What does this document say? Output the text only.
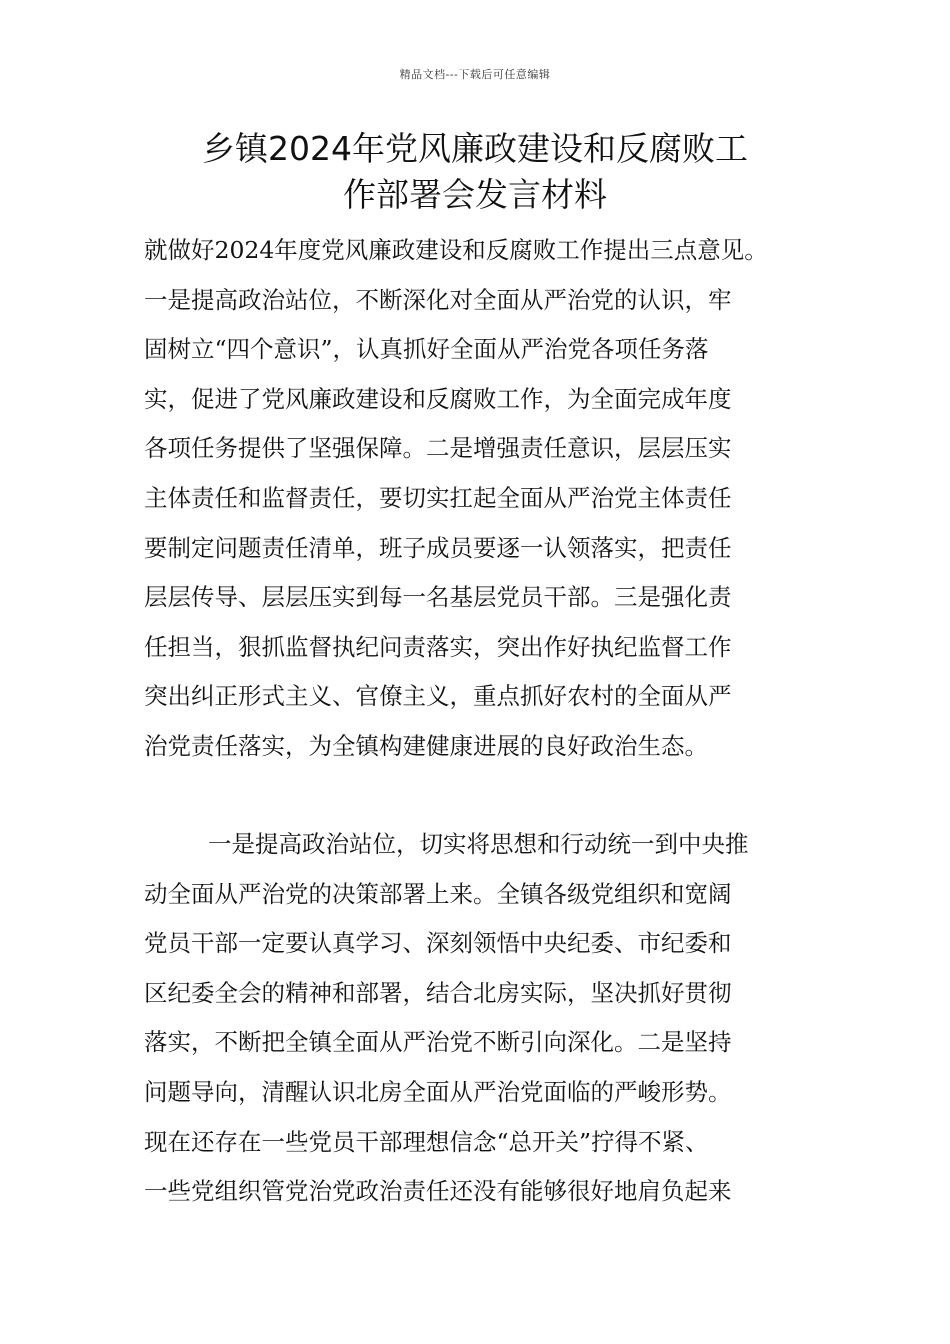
精品文档---下载后可任意编辑
乡镇2024年党风廉政建设和反腐败工
作部署会发言材料

就做好2024年度党风廉政建设和反腐败工作提出三点意见。
一是提高政治站位，不断深化对全面从严治党的认识，牢
固树立“四个意识”，认真抓好全面从严治党各项任务落
实，促进了党风廉政建设和反腐败工作，为全面完成年度
各项任务提供了坚强保障。二是增强责任意识，层层压实
主体责任和监督责任，要切实扛起全面从严治党主体责任
要制定问题责任清单，班子成员要逐一认领落实，把责任
层层传导、层层压实到每一名基层党员干部。三是强化责
任担当，狠抓监督执纪问责落实，突出作好执纪监督工作
突出纠正形式主义、官僚主义，重点抓好农村的全面从严
治党责任落实，为全镇构建健康进展的良好政治生态。

一是提高政治站位，切实将思想和行动统一到中央推
动全面从严治党的决策部署上来。全镇各级党组织和宽阔
党员干部一定要认真学习、深刻领悟中央纪委、市纪委和
区纪委全会的精神和部署，结合北房实际，坚决抓好贯彻
落实，不断把全镇全面从严治党不断引向深化。二是坚持
问题导向，清醒认识北房全面从严治党面临的严峻形势。
现在还存在一些党员干部理想信念“总开关”拧得不紧、
一些党组织管党治党政治责任还没有能够很好地肩负起来
